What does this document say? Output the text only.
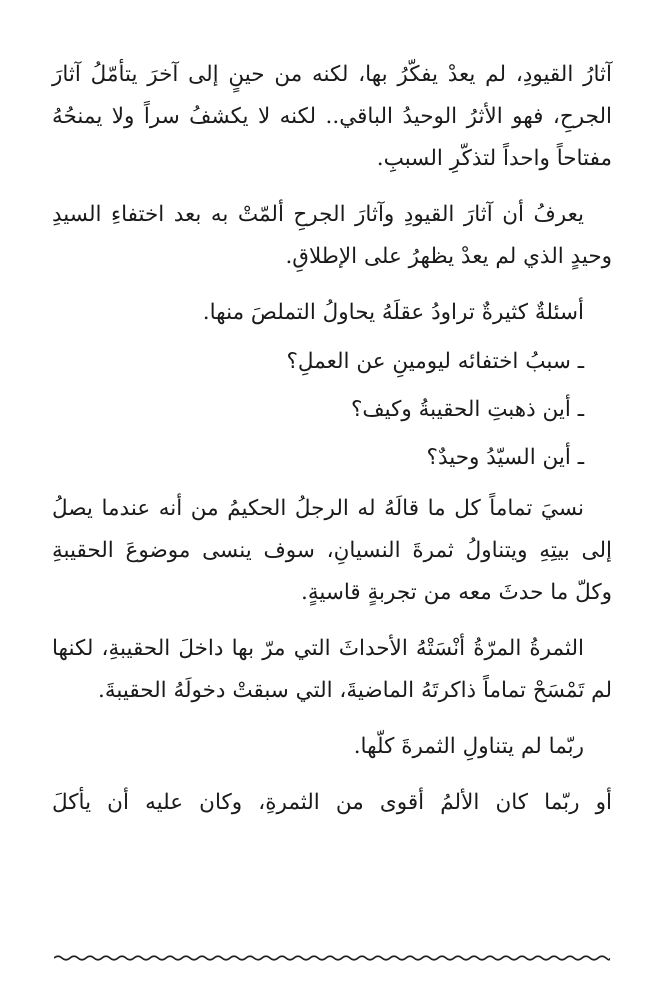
آثارُ القيودِ، لم يعدْ يفكّرُ بها، لكنه من حينٍ إلى آخرَ يتأمّلُ آثارَ الجرحِ، فهو الأثرُ الوحيدُ الباقي.. لكنه لا يكشفُ سراً ولا يمنحُهُ مفتاحاً واحداً لتذكّرِ السببِ.

يعرفُ أن آثارَ القيودِ وآثارَ الجرحِ ألمّتْ به بعد اختفاءِ السيدِ وحيدٍ الذي لم يعدْ يظهرُ على الإطلاقِ.

أسئلةٌ كثيرةٌ تراودُ عقلَهُ يحاولُ التملصَ منها.

ـ سببُ اختفائه ليومينِ عن العملِ؟

ـ أين ذهبتِ الحقيبةُ وكيف؟

ـ أين السيّدُ وحيدٌ؟

نسيَ تماماً كل ما قالَهُ له الرجلُ الحكيمُ من أنه عندما يصلُ إلى بيتِهِ ويتناولُ ثمرةَ النسيانِ، سوف ينسى موضوعَ الحقيبةِ وكلّ ما حدثَ معه من تجربةٍ قاسيةٍ.

الثمرةُ المرّةُ أنْسَتْهُ الأحداثَ التي مرّ بها داخلَ الحقيبةِ، لكنها لم تَمْسَحْ تماماً ذاكرتَهُ الماضيةَ، التي سبقتْ دخولَهُ الحقيبةَ.

ربّما لم يتناولِ الثمرةَ كلّها.

أو ربّما كان الألمُ أقوى من الثمرةِ، وكان عليه أن يأكلَ
